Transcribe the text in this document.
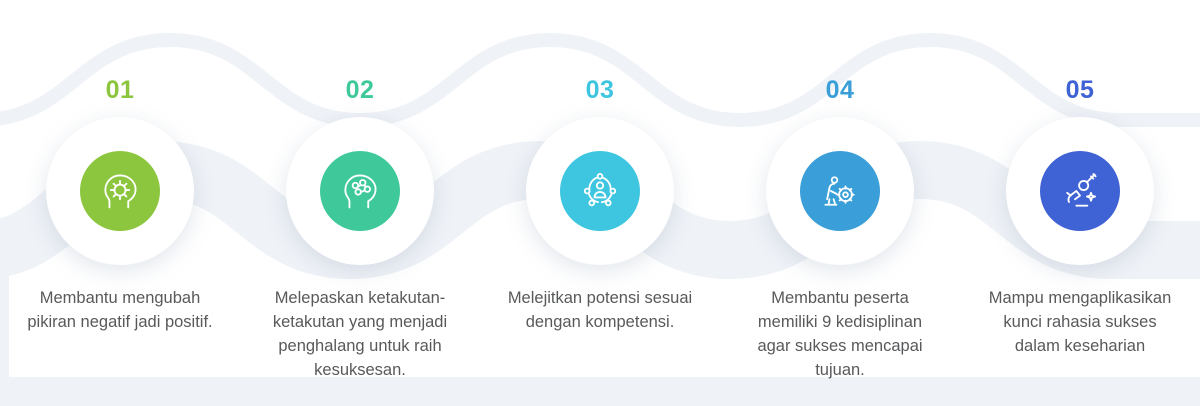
01
Membantu mengubah pikiran negatif jadi positif.
02
Melepaskan ketakutan-ketakutan yang menjadi penghalang untuk raih kesuksesan.
03
Melejitkan potensi sesuai dengan kompetensi.
04
Membantu peserta memiliki 9 kedisiplinan agar sukses mencapai tujuan.
05
Mampu mengaplikasikan kunci rahasia sukses dalam keseharian
